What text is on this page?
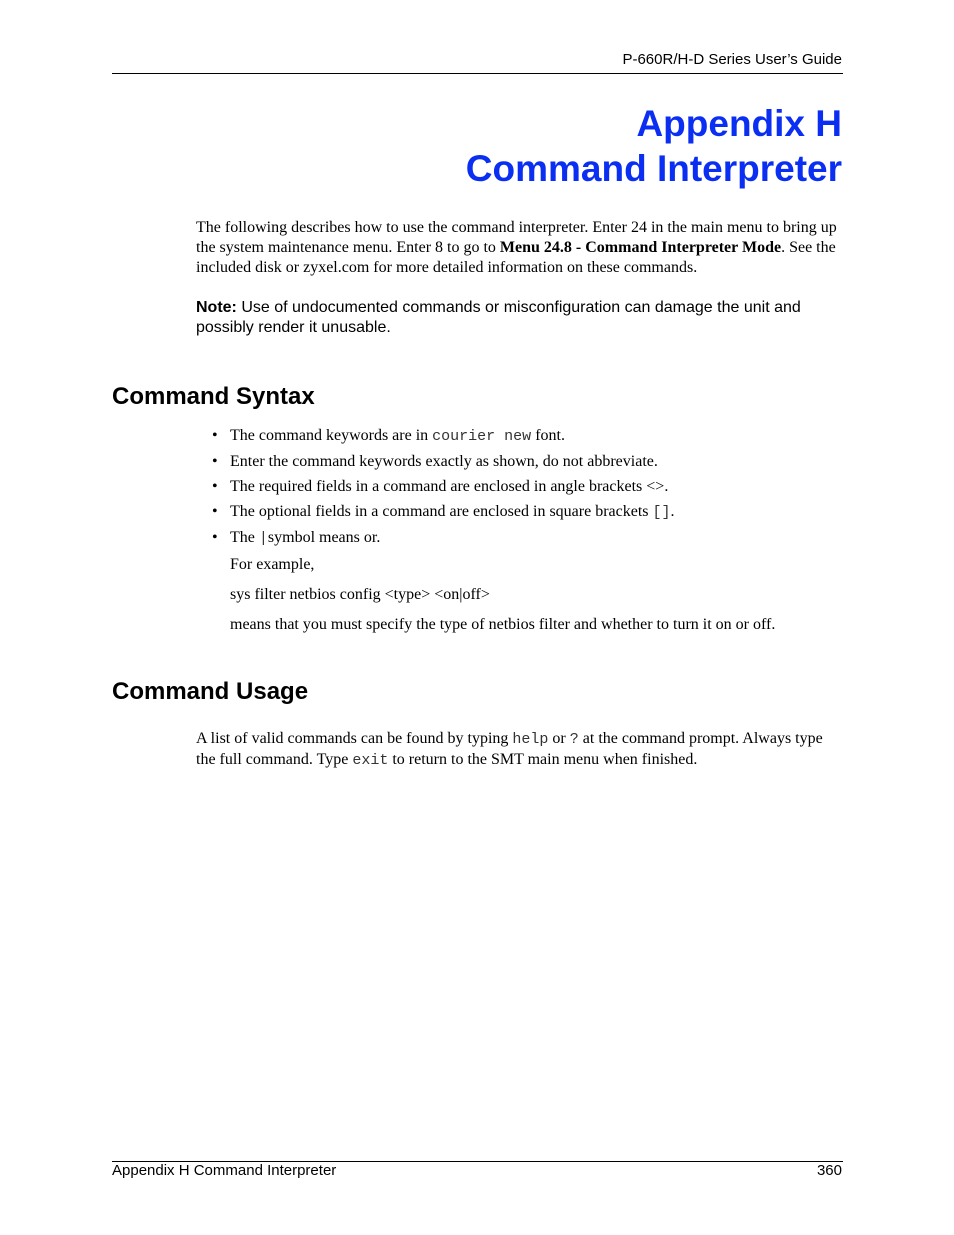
P-660R/H-D Series User’s Guide
Appendix H
Command Interpreter
The following describes how to use the command interpreter. Enter 24 in the main menu to bring up the system maintenance menu. Enter 8 to go to Menu 24.8 - Command Interpreter Mode. See the included disk or zyxel.com for more detailed information on these commands.
Note: Use of undocumented commands or misconfiguration can damage the unit and possibly render it unusable.
Command Syntax
• The command keywords are in courier new font.
• Enter the command keywords exactly as shown, do not abbreviate.
• The required fields in a command are enclosed in angle brackets <>.
• The optional fields in a command are enclosed in square brackets [].
• The |symbol means or.
For example,
sys filter netbios config <type> <on|off>
means that you must specify the type of netbios filter and whether to turn it on or off.
Command Usage
A list of valid commands can be found by typing help or ? at the command prompt. Always type the full command. Type exit to return to the SMT main menu when finished.
Appendix H Command Interpreter	360
